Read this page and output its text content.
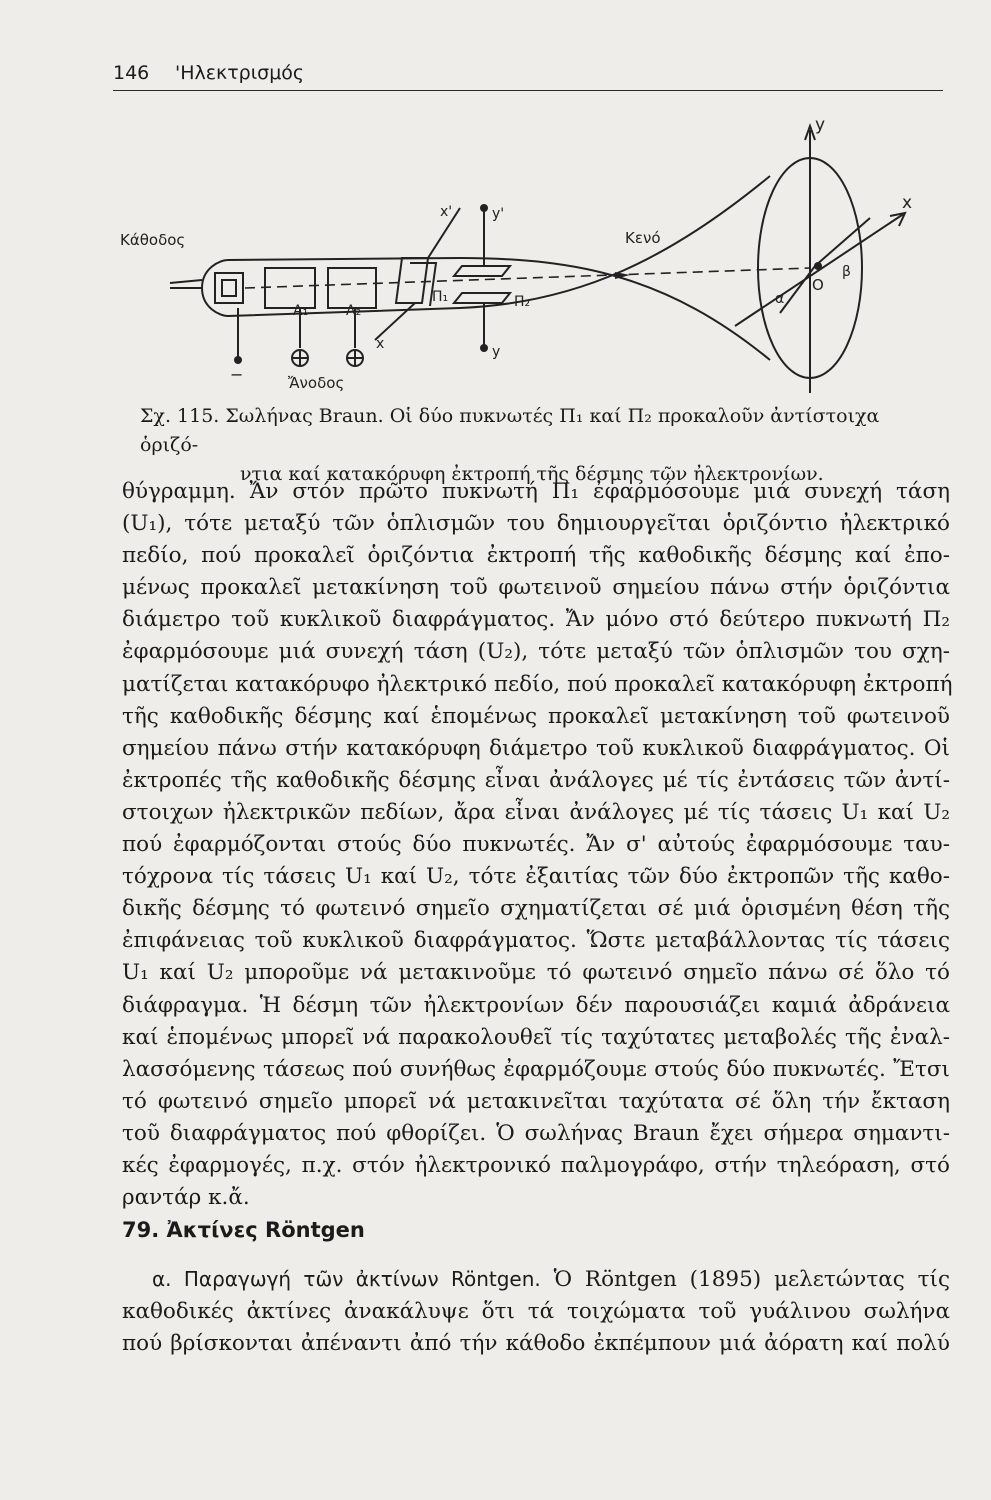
146 'Ηλεκτρισμός
Κάθοδος
Ἄνοδος
Κενό
Α₁	Α₂
Π₁	Π₂
x'	y'
x	y
x
y
O
α
β
−
Σχ. 115. Σωλήνας Braun. Οἱ δύο πυκνωτές Π₁ καί Π₂ προκαλοῦν ἀντίστοιχα ὁριζό-
ντια καί κατακόρυφη ἐκτροπή τῆς δέσμης τῶν ἠλεκτρονίων.
θύγραμμη. Ἄν στόν πρῶτο πυκνωτή Π₁ ἐφαρμόσουμε μιά συνεχή τάση
(U₁), τότε μεταξύ τῶν ὁπλισμῶν του δημιουργεῖται ὁριζόντιο ἠλεκτρικό
πεδίο, πού προκαλεῖ ὁριζόντια ἐκτροπή τῆς καθοδικῆς δέσμης καί ἐπο-
μένως προκαλεῖ μετακίνηση τοῦ φωτεινοῦ σημείου πάνω στήν ὁριζόντια
διάμετρο τοῦ κυκλικοῦ διαφράγματος. Ἄν μόνο στό δεύτερο πυκνωτή Π₂
ἐφαρμόσουμε μιά συνεχή τάση (U₂), τότε μεταξύ τῶν ὁπλισμῶν του σχη-
ματίζεται κατακόρυφο ἠλεκτρικό πεδίο, πού προκαλεῖ κατακόρυφη ἐκτροπή
τῆς καθοδικῆς δέσμης καί ἑπομένως προκαλεῖ μετακίνηση τοῦ φωτεινοῦ
σημείου πάνω στήν κατακόρυφη διάμετρο τοῦ κυκλικοῦ διαφράγματος. Οἱ
ἐκτροπές τῆς καθοδικῆς δέσμης εἶναι ἀνάλογες μέ τίς ἐντάσεις τῶν ἀντί-
στοιχων ἠλεκτρικῶν πεδίων, ἄρα εἶναι ἀνάλογες μέ τίς τάσεις U₁ καί U₂
πού ἐφαρμόζονται στούς δύο πυκνωτές. Ἄν σ' αὐτούς ἐφαρμόσουμε ταυ-
τόχρονα τίς τάσεις U₁ καί U₂, τότε ἐξαιτίας τῶν δύο ἐκτροπῶν τῆς καθο-
δικῆς δέσμης τό φωτεινό σημεῖο σχηματίζεται σέ μιά ὁρισμένη θέση τῆς
ἐπιφάνειας τοῦ κυκλικοῦ διαφράγματος. Ὥστε μεταβάλλοντας τίς τάσεις
U₁ καί U₂ μποροῦμε νά μετακινοῦμε τό φωτεινό σημεῖο πάνω σέ ὅλο τό
διάφραγμα. Ἡ δέσμη τῶν ἠλεκτρονίων δέν παρουσιάζει καμιά ἀδράνεια
καί ἑπομένως μπορεῖ νά παρακολουθεῖ τίς ταχύτατες μεταβολές τῆς ἐναλ-
λασσόμενης τάσεως πού συνήθως ἐφαρμόζουμε στούς δύο πυκνωτές. Ἔτσι
τό φωτεινό σημεῖο μπορεῖ νά μετακινεῖται ταχύτατα σέ ὅλη τήν ἔκταση
τοῦ διαφράγματος πού φθορίζει. Ὁ σωλήνας Braun ἔχει σήμερα σημαντι-
κές ἐφαρμογές, π.χ. στόν ἠλεκτρονικό παλμογράφο, στήν τηλεόραση, στό
ραντάρ κ.ἄ.
79. Ἀκτίνες Röntgen
α. Παραγωγή τῶν ἀκτίνων Röntgen. Ὁ Röntgen (1895) μελετώντας τίς
καθοδικές ἀκτίνες ἀνακάλυψε ὅτι τά τοιχώματα τοῦ γυάλινου σωλήνα
πού βρίσκονται ἀπέναντι ἀπό τήν κάθοδο ἐκπέμπουν μιά ἀόρατη καί πολύ
